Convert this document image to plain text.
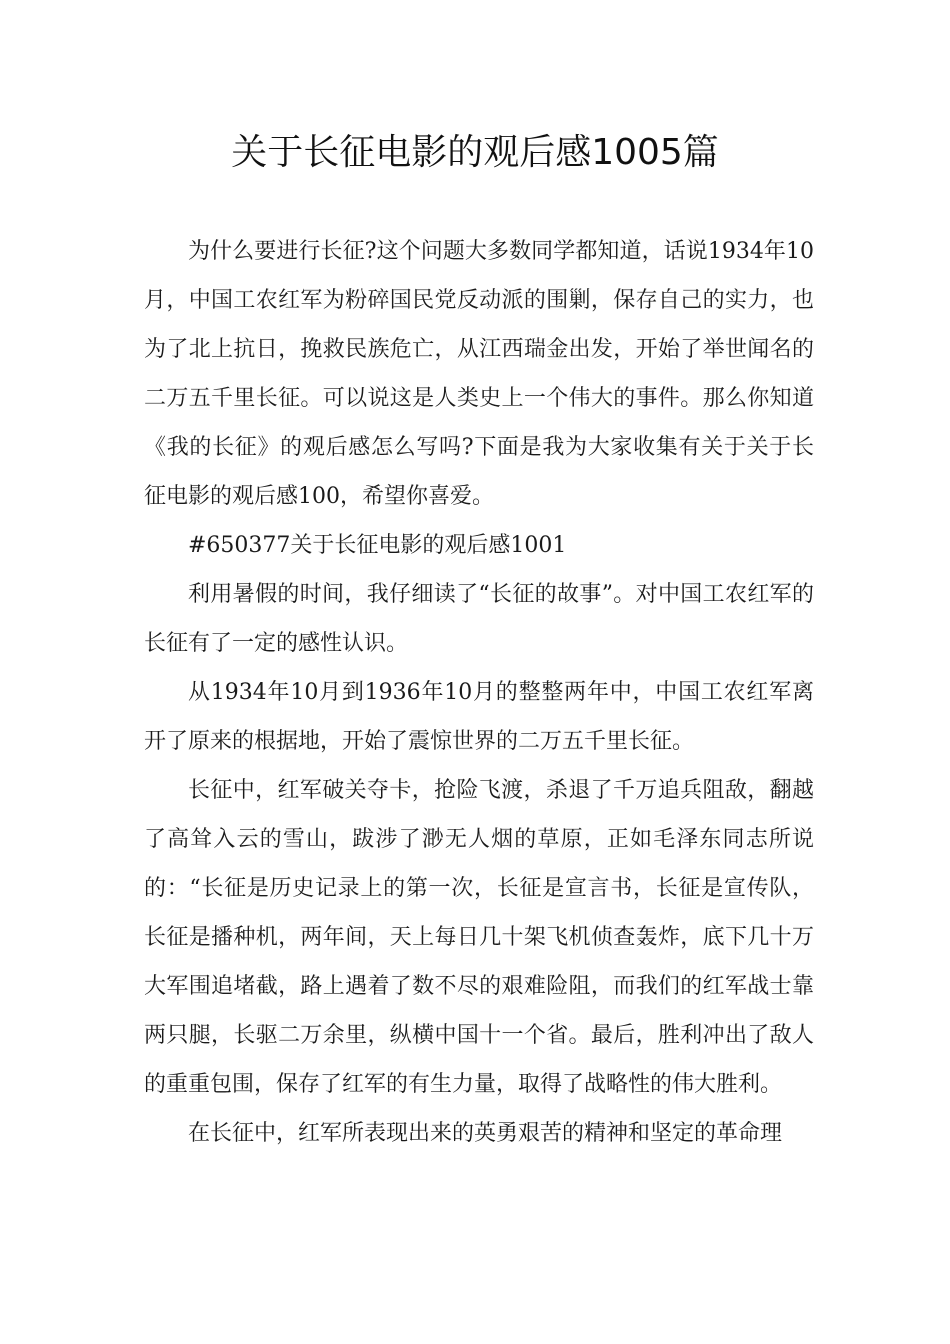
关于长征电影的观后感1005篇

为什么要进行长征?这个问题大多数同学都知道，话说1934年10月，中国工农红军为粉碎国民党反动派的围剿，保存自己的实力，也为了北上抗日，挽救民族危亡，从江西瑞金出发，开始了举世闻名的二万五千里长征。可以说这是人类史上一个伟大的事件。那么你知道《我的长征》的观后感怎么写吗?下面是我为大家收集有关于关于长征电影的观后感100，希望你喜爱。

#650377关于长征电影的观后感1001

利用暑假的时间，我仔细读了“长征的故事”。对中国工农红军的长征有了一定的感性认识。

从1934年10月到1936年10月的整整两年中，中国工农红军离开了原来的根据地，开始了震惊世界的二万五千里长征。

长征中，红军破关夺卡，抢险飞渡，杀退了千万追兵阻敌，翻越了高耸入云的雪山，跋涉了渺无人烟的草原，正如毛泽东同志所说的：“长征是历史记录上的第一次，长征是宣言书，长征是宣传队，长征是播种机，两年间，天上每日几十架飞机侦查轰炸，底下几十万大军围追堵截，路上遇着了数不尽的艰难险阻，而我们的红军战士靠两只腿，长驱二万余里，纵横中国十一个省。最后，胜利冲出了敌人的重重包围，保存了红军的有生力量，取得了战略性的伟大胜利。

在长征中，红军所表现出来的英勇艰苦的精神和坚定的革命理
